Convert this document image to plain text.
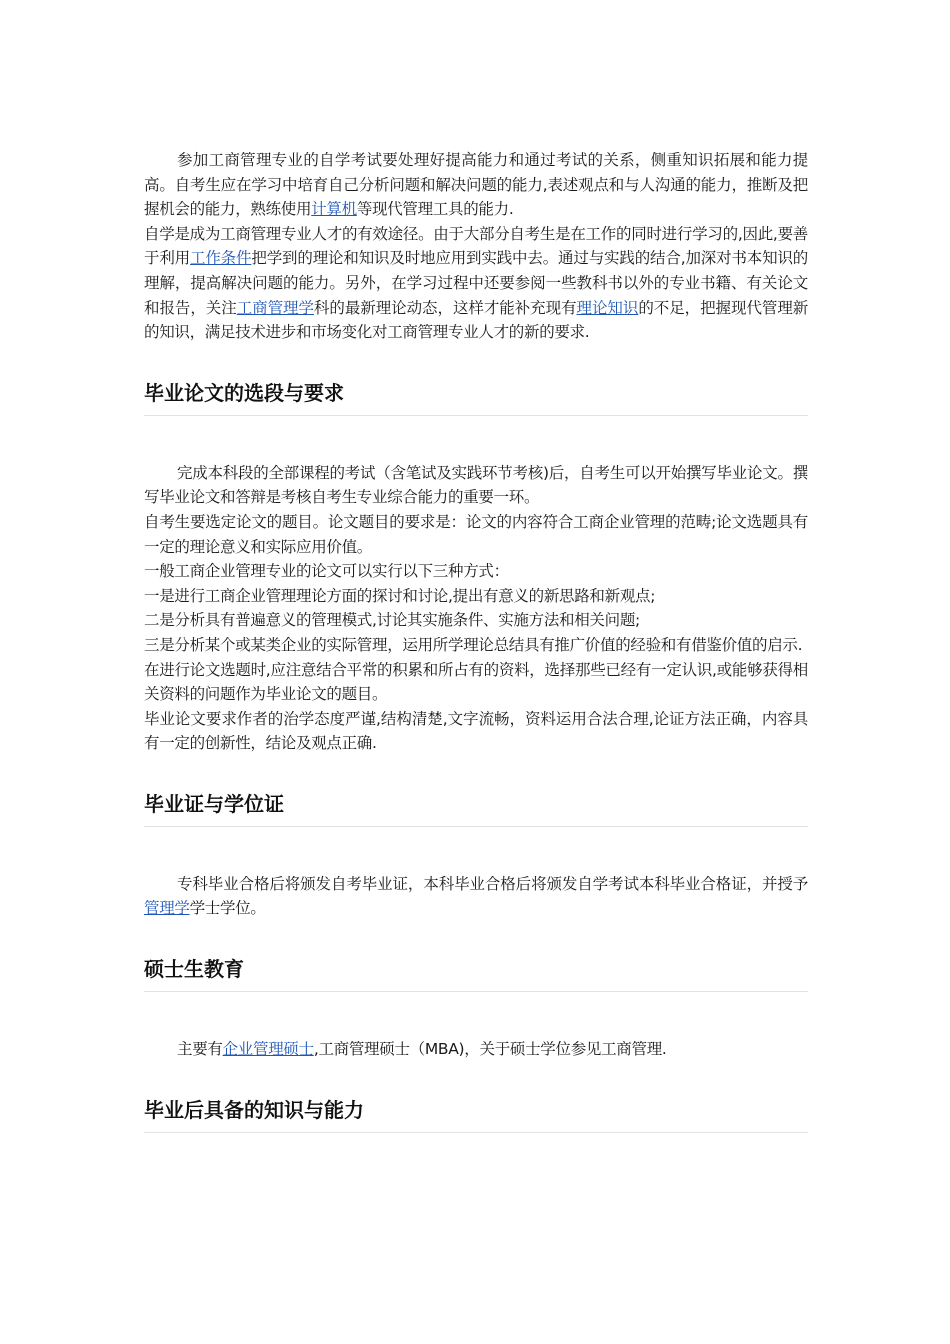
参加工商管理专业的自学考试要处理好提高能力和通过考试的关系，侧重知识拓展和能力提高。自考生应在学习中培育自己分析问题和解决问题的能力,表述观点和与人沟通的能力，推断及把握机会的能力，熟练使用计算机等现代管理工具的能力.

自学是成为工商管理专业人才的有效途径。由于大部分自考生是在工作的同时进行学习的,因此,要善于利用工作条件把学到的理论和知识及时地应用到实践中去。通过与实践的结合,加深对书本知识的理解，提高解决问题的能力。另外，在学习过程中还要参阅一些教科书以外的专业书籍、有关论文和报告，关注工商管理学科的最新理论动态，这样才能补充现有理论知识的不足，把握现代管理新的知识，满足技术进步和市场变化对工商管理专业人才的新的要求.

毕业论文的选段与要求

完成本科段的全部课程的考试（含笔试及实践环节考核)后，自考生可以开始撰写毕业论文。撰写毕业论文和答辩是考核自考生专业综合能力的重要一环。

自考生要选定论文的题目。论文题目的要求是：论文的内容符合工商企业管理的范畴;论文选题具有一定的理论意义和实际应用价值。

一般工商企业管理专业的论文可以实行以下三种方式：

一是进行工商企业管理理论方面的探讨和讨论,提出有意义的新思路和新观点;

二是分析具有普遍意义的管理模式,讨论其实施条件、实施方法和相关问题;

三是分析某个或某类企业的实际管理，运用所学理论总结具有推广价值的经验和有借鉴价值的启示.

在进行论文选题时,应注意结合平常的积累和所占有的资料，选择那些已经有一定认识,或能够获得相关资料的问题作为毕业论文的题目。

毕业论文要求作者的治学态度严谨,结构清楚,文字流畅，资料运用合法合理,论证方法正确，内容具有一定的创新性，结论及观点正确.

毕业证与学位证

专科毕业合格后将颁发自考毕业证，本科毕业合格后将颁发自学考试本科毕业合格证，并授予管理学学士学位。

硕士生教育

主要有企业管理硕士,工商管理硕士（MBA)，关于硕士学位参见工商管理.

毕业后具备的知识与能力
